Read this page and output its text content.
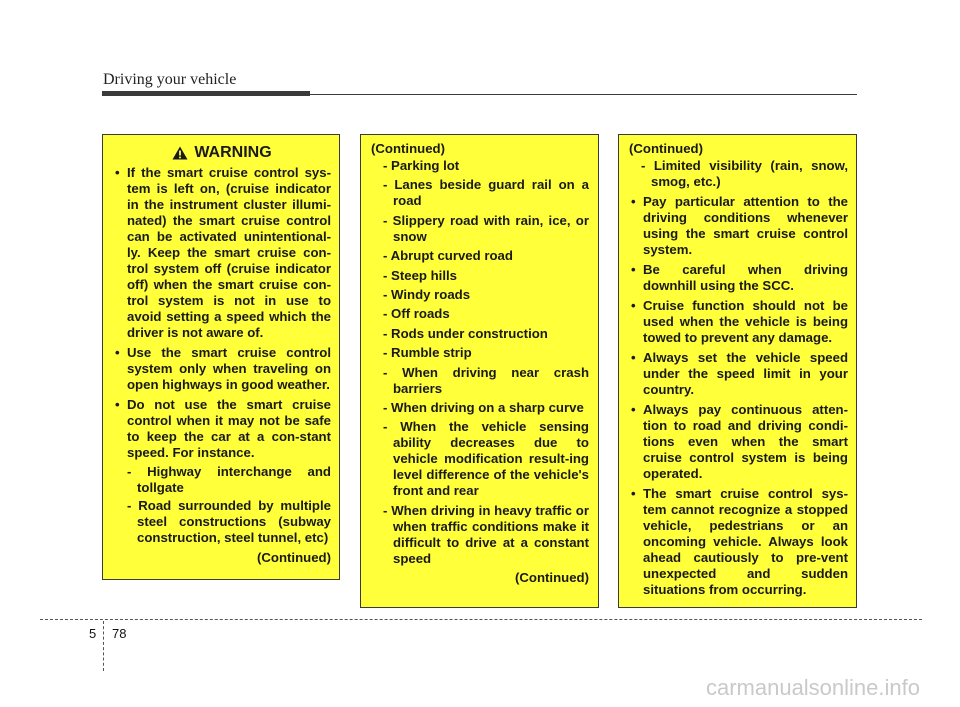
Driving your vehicle
WARNING
• If the smart cruise control sys-tem is left on, (cruise indicator in the instrument cluster illumi-nated) the smart cruise control can be activated unintentional-ly. Keep the smart cruise con-trol system off (cruise indicator off) when the smart cruise con-trol system is not in use to avoid setting a speed which the driver is not aware of.
• Use the smart cruise control system only when traveling on open highways in good weather.
• Do not use the smart cruise control when it may not be safe to keep the car at a con-stant speed. For instance.
- Highway interchange and tollgate
- Road surrounded by multiple steel constructions (subway construction, steel tunnel, etc)
(Continued)
(Continued)
- Parking lot
- Lanes beside guard rail on a road
- Slippery road with rain, ice, or snow
- Abrupt curved road
- Steep hills
- Windy roads
- Off roads
- Rods under construction
- Rumble strip
- When driving near crash barriers
- When driving on a sharp curve
- When the vehicle sensing ability decreases due to vehicle modification result-ing level difference of the vehicle's front and rear
- When driving in heavy traffic or when traffic conditions make it difficult to drive at a constant speed
(Continued)
(Continued)
- Limited visibility (rain, snow, smog, etc.)
• Pay particular attention to the driving conditions whenever using the smart cruise control system.
• Be careful when driving downhill using the SCC.
• Cruise function should not be used when the vehicle is being towed to prevent any damage.
• Always set the vehicle speed under the speed limit in your country.
• Always pay continuous atten-tion to road and driving condi-tions even when the smart cruise control system is being operated.
• The smart cruise control sys-tem cannot recognize a stopped vehicle, pedestrians or an oncoming vehicle. Always look ahead cautiously to pre-vent unexpected and sudden situations from occurring.
5 78
carmanualsonline.info
